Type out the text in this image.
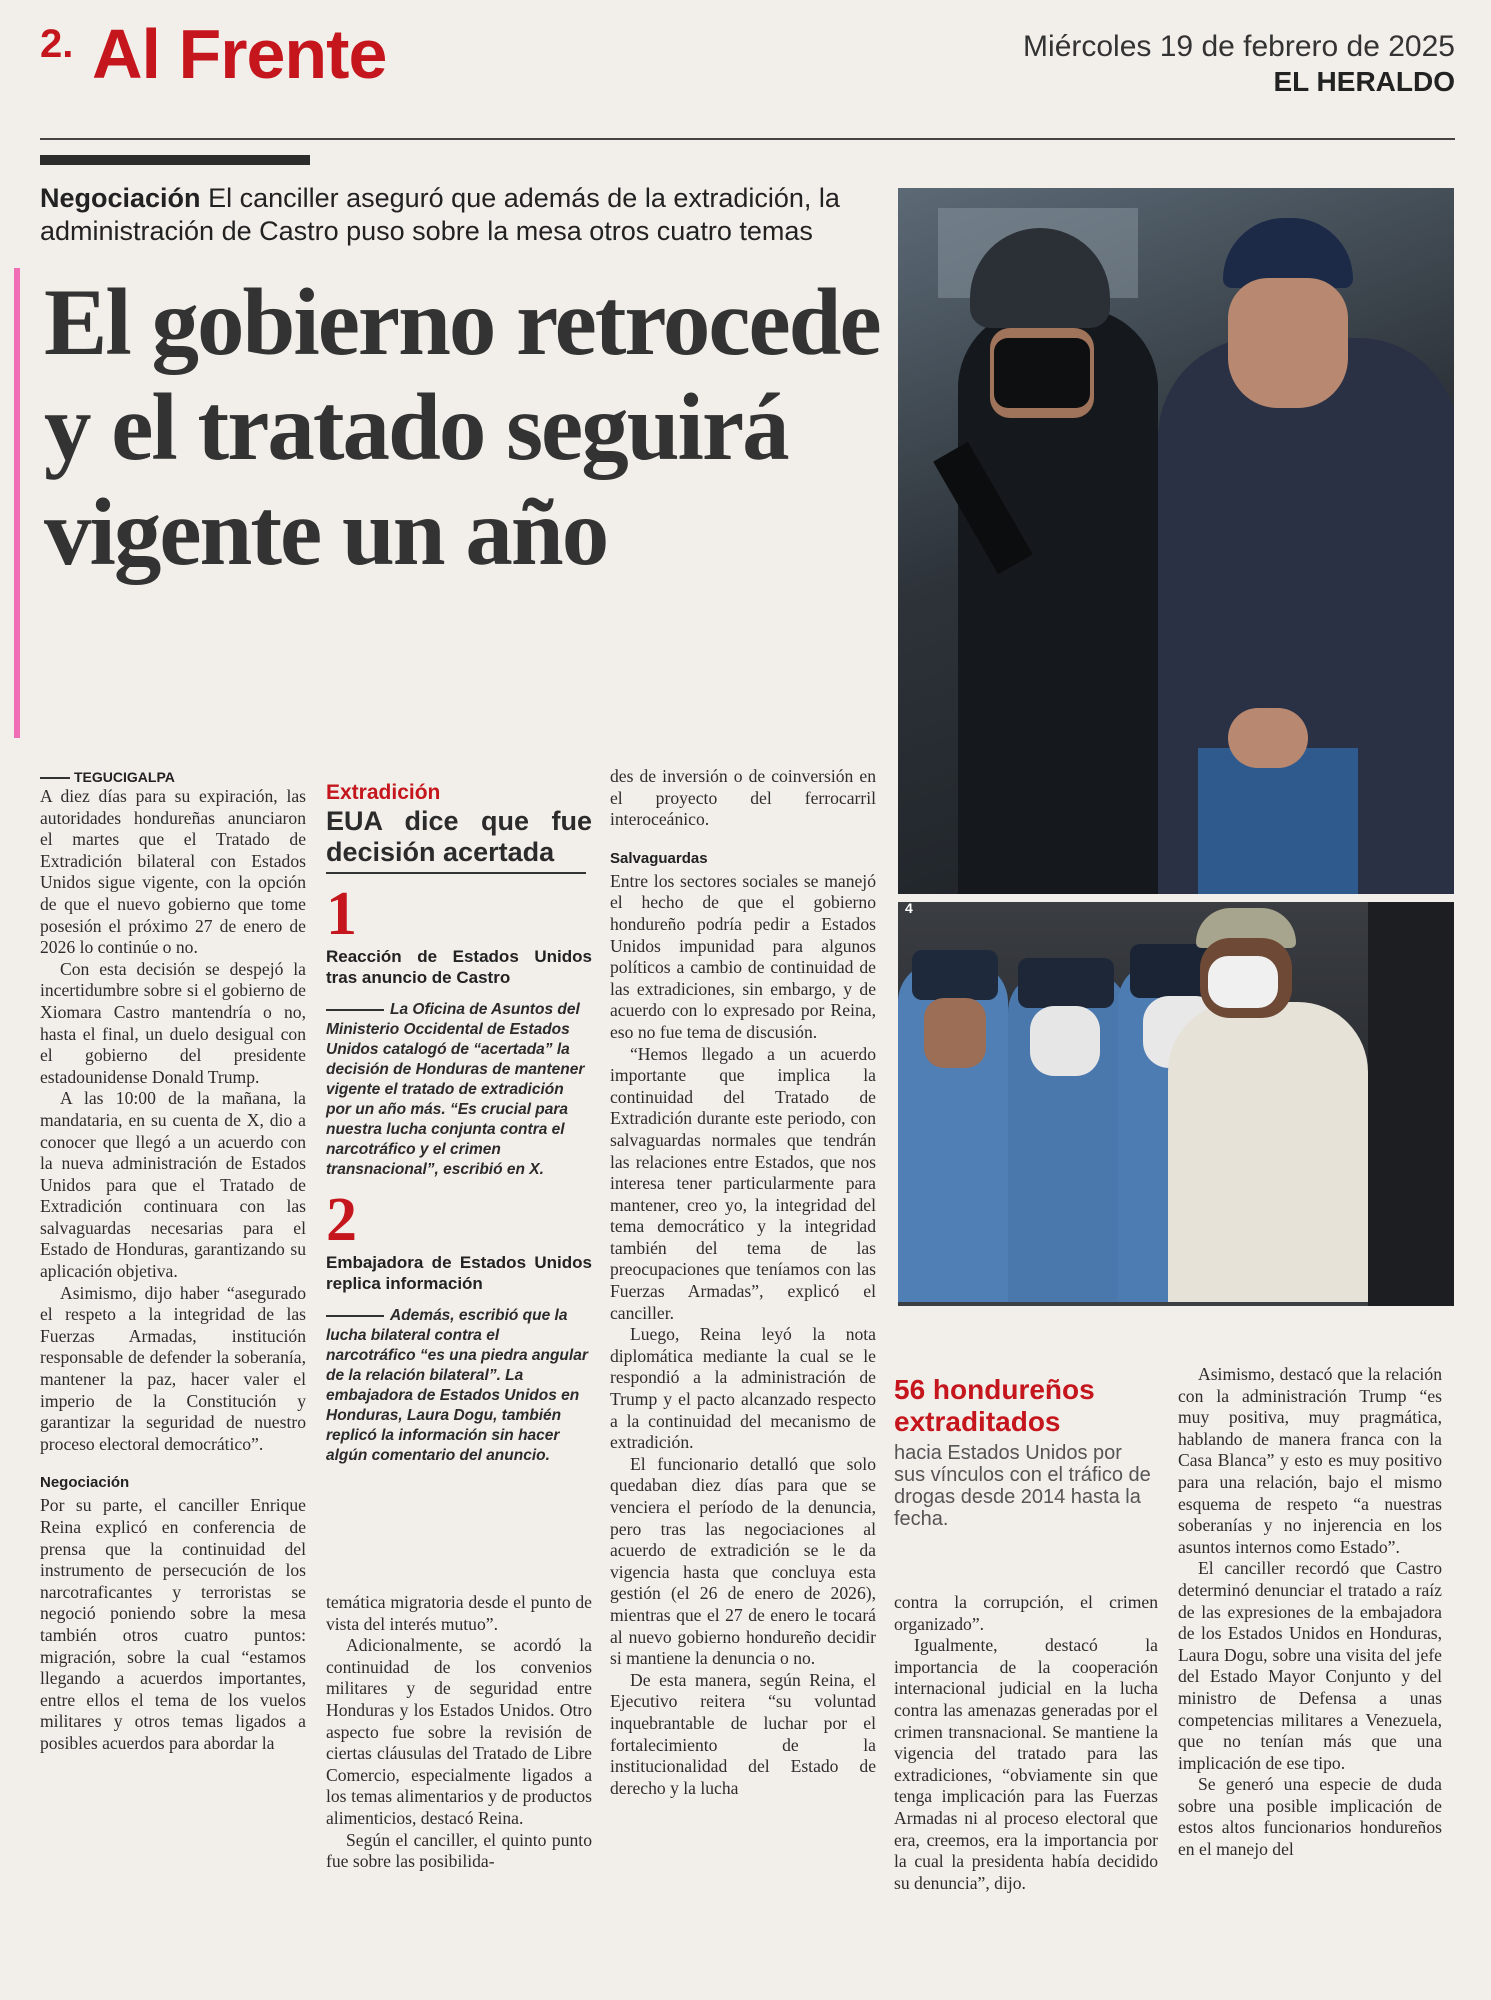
2. Al Frente	Miércoles 19 de febrero de 2025
EL HERALDO
Negociación El canciller aseguró que además de la extradición, la administración de Castro puso sobre la mesa otros cuatro temas
El gobierno retrocede y el tratado seguirá vigente un año
4
TEGUCIGALPA

A diez días para su expiración, las autoridades hondureñas anunciaron el martes que el Tratado de Extradición bilateral con Estados Unidos sigue vigente, con la opción de que el nuevo gobierno que tome posesión el próximo 27 de enero de 2026 lo continúe o no.

Con esta decisión se despejó la incertidumbre sobre si el gobierno de Xiomara Castro mantendría o no, hasta el final, un duelo desigual con el gobierno del presidente estadounidense Donald Trump.

A las 10:00 de la mañana, la mandataria, en su cuenta de X, dio a conocer que llegó a un acuerdo con la nueva administración de Estados Unidos para que el Tratado de Extradición continuara con las salvaguardas necesarias para el Estado de Honduras, garantizando su aplicación objetiva.

Asimismo, dijo haber “asegurado el respeto a la integridad de las Fuerzas Armadas, institución responsable de defender la soberanía, mantener la paz, hacer valer el imperio de la Constitución y garantizar la seguridad de nuestro proceso electoral democrático”.

Negociación

Por su parte, el canciller Enrique Reina explicó en conferencia de prensa que la continuidad del instrumento de persecución de los narcotraficantes y terroristas se negoció poniendo sobre la mesa también otros cuatro puntos: migración, sobre la cual “estamos llegando a acuerdos importantes, entre ellos el tema de los vuelos militares y otros temas ligados a posibles acuerdos para abordar la

Extradición
EUA dice que fue decisión acertada
1
Reacción de Estados Unidos tras anuncio de Castro
La Oficina de Asuntos del Ministerio Occidental de Estados Unidos catalogó de “acertada” la decisión de Honduras de mantener vigente el tratado de extradición por un año más. “Es crucial para nuestra lucha conjunta contra el narcotráfico y el crimen transnacional”, escribió en X.
2
Embajadora de Estados Unidos replica información
Además, escribió que la lucha bilateral contra el narcotráfico “es una piedra angular de la relación bilateral”. La embajadora de Estados Unidos en Honduras, Laura Dogu, también replicó la información sin hacer algún comentario del anuncio.

temática migratoria desde el punto de vista del interés mutuo”.

Adicionalmente, se acordó la continuidad de los convenios militares y de seguridad entre Honduras y los Estados Unidos. Otro aspecto fue sobre la revisión de ciertas cláusulas del Tratado de Libre Comercio, especialmente ligados a los temas alimentarios y de productos alimenticios, destacó Reina.

Según el canciller, el quinto punto fue sobre las posibilida-

des de inversión o de coinversión en el proyecto del ferrocarril interoceánico.

Salvaguardas

Entre los sectores sociales se manejó el hecho de que el gobierno hondureño podría pedir a Estados Unidos impunidad para algunos políticos a cambio de continuidad de las extradiciones, sin embargo, y de acuerdo con lo expresado por Reina, eso no fue tema de discusión.

“Hemos llegado a un acuerdo importante que implica la continuidad del Tratado de Extradición durante este periodo, con salvaguardas normales que tendrán las relaciones entre Estados, que nos interesa tener particularmente para mantener, creo yo, la integridad del tema democrático y la integridad también del tema de las preocupaciones que teníamos con las Fuerzas Armadas”, explicó el canciller.

Luego, Reina leyó la nota diplomática mediante la cual se le respondió a la administración de Trump y el pacto alcanzado respecto a la continuidad del mecanismo de extradición.

El funcionario detalló que solo quedaban diez días para que se venciera el período de la denuncia, pero tras las negociaciones al acuerdo de extradición se le da vigencia hasta que concluya esta gestión (el 26 de enero de 2026), mientras que el 27 de enero le tocará al nuevo gobierno hondureño decidir si mantiene la denuncia o no.

De esta manera, según Reina, el Ejecutivo reitera “su voluntad inquebrantable de luchar por el fortalecimiento de la institucionalidad del Estado de derecho y la lucha

56 hondureños extraditados
hacia Estados Unidos por sus vínculos con el tráfico de drogas desde 2014 hasta la fecha.

contra la corrupción, el crimen organizado”.

Igualmente, destacó la importancia de la cooperación internacional judicial en la lucha contra las amenazas generadas por el crimen transnacional. Se mantiene la vigencia del tratado para las extradiciones, “obviamente sin que tenga implicación para las Fuerzas Armadas ni al proceso electoral que era, creemos, era la importancia por la cual la presidenta había decidido su denuncia”, dijo.

Asimismo, destacó que la relación con la administración Trump “es muy positiva, muy pragmática, hablando de manera franca con la Casa Blanca” y esto es muy positivo para una relación, bajo el mismo esquema de respeto “a nuestras soberanías y no injerencia en los asuntos internos como Estado”.

El canciller recordó que Castro determinó denunciar el tratado a raíz de las expresiones de la embajadora de los Estados Unidos en Honduras, Laura Dogu, sobre una visita del jefe del Estado Mayor Conjunto y del ministro de Defensa a unas competencias militares a Venezuela, que no tenían más que una implicación de ese tipo.

Se generó una especie de duda sobre una posible implicación de estos altos funcionarios hondureños en el manejo del
